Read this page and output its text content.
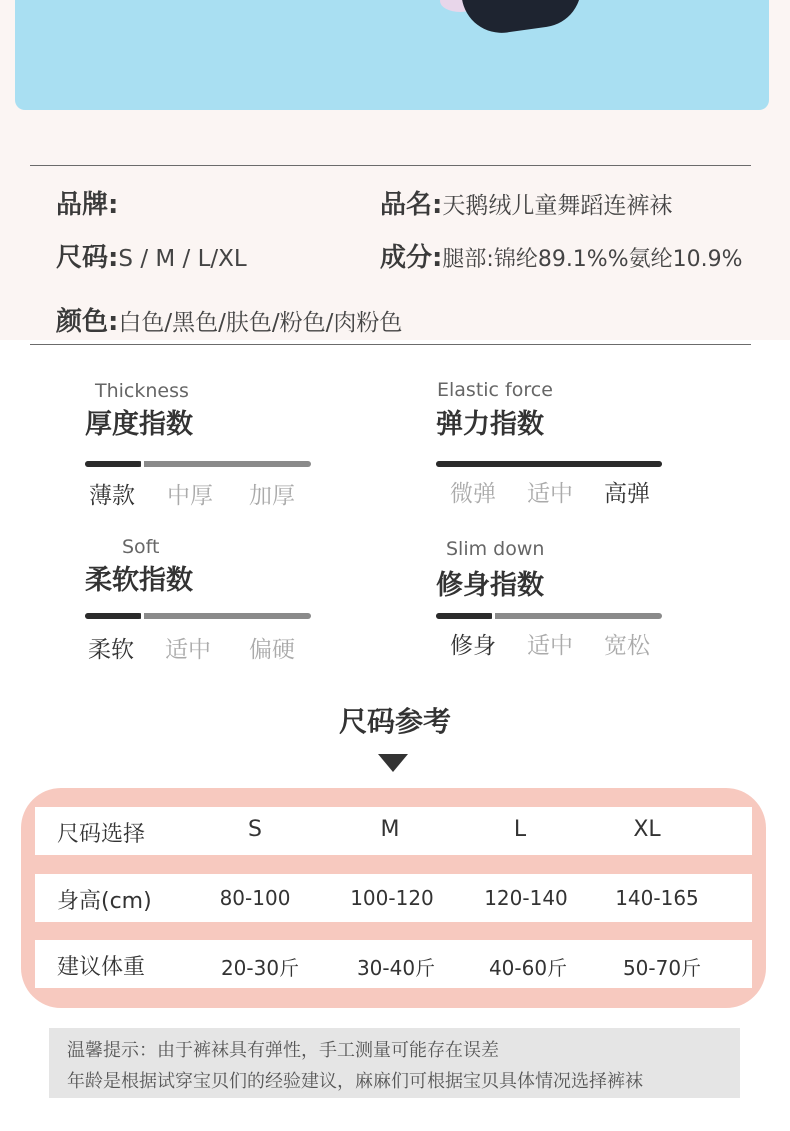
品牌:	品名:天鹅绒儿童舞蹈连裤袜
尺码:S / M / L/XL	成分:腿部:锦纶89.1%%氨纶10.9%
颜色:白色/黑色/肤色/粉色/肉粉色
Thickness
厚度指数
薄款 中厚 加厚
Elastic force
弹力指数
微弹 适中 高弹
Soft
柔软指数
柔软 适中 偏硬
Slim down
修身指数
修身 适中 宽松
尺码参考
尺码选择	S	M	L	XL
身高(cm)	80-100	100-120	120-140 140-165
建议体重	20-30斤	30-40斤	40-60斤	50-70斤
温馨提示：由于裤袜具有弹性，手工测量可能存在误差
年龄是根据试穿宝贝们的经验建议，麻麻们可根据宝贝具体情况选择裤袜
